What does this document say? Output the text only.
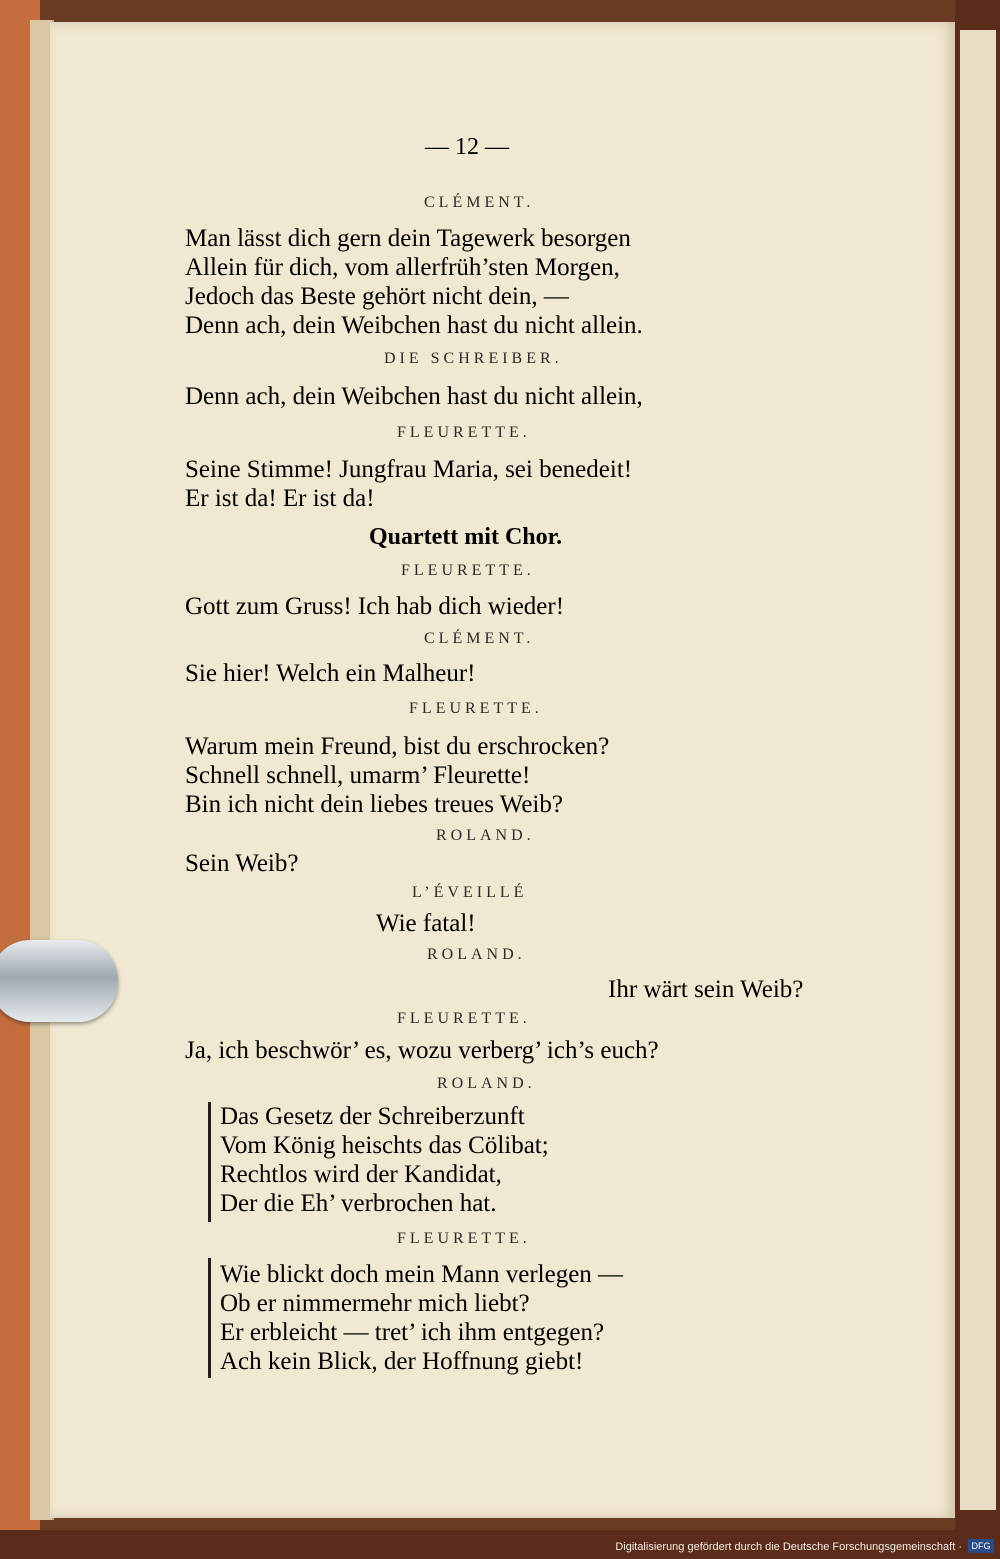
— 12 —
CLÉMENT.
Man lässt dich gern dein Tagewerk besorgen
Allein für dich, vom allerfrüh’sten Morgen,
Jedoch das Beste gehört nicht dein, —
Denn ach, dein Weibchen hast du nicht allein.
DIE SCHREIBER.
Denn ach, dein Weibchen hast du nicht allein,
FLEURETTE.
Seine Stimme! Jungfrau Maria, sei benedeit!
Er ist da! Er ist da!
Quartett mit Chor.
FLEURETTE.
Gott zum Gruss! Ich hab dich wieder!
CLÉMENT.
Sie hier! Welch ein Malheur!
FLEURETTE.
Warum mein Freund, bist du erschrocken?
Schnell schnell, umarm’ Fleurette!
Bin ich nicht dein liebes treues Weib?
ROLAND.
Sein Weib?
L’ÉVEILLÉ
Wie fatal!
ROLAND.
Ihr wärt sein Weib?
FLEURETTE.
Ja, ich beschwör’ es, wozu verberg’ ich’s euch?
ROLAND.
Das Gesetz der Schreiberzunft
Vom König heischts das Cölibat;
Rechtlos wird der Kandidat,
Der die Eh’ verbrochen hat.
FLEURETTE.
Wie blickt doch mein Mann verlegen —
Ob er nimmermehr mich liebt?
Er erbleicht — tret’ ich ihm entgegen?
Ach kein Blick, der Hoffnung giebt!
Digitalisierung gefördert durch die Deutsche Forschungsgemeinschaft ·	DFG
